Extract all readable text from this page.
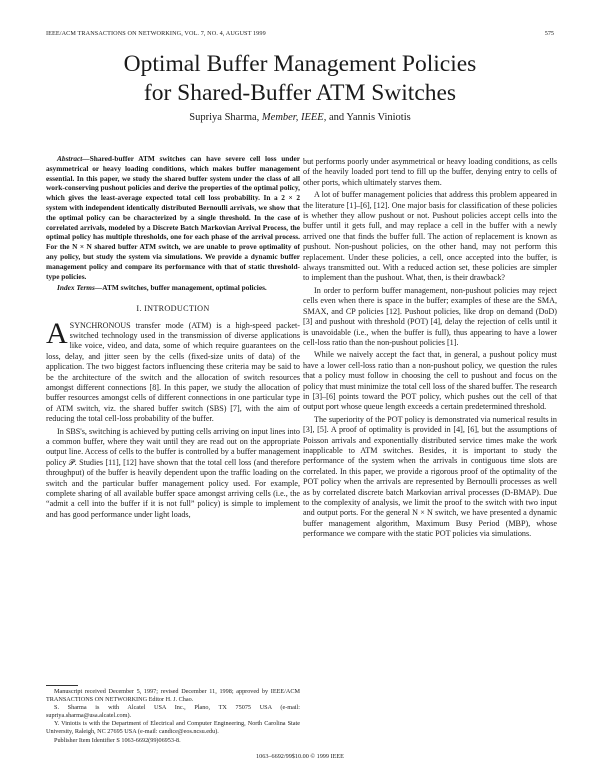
IEEE/ACM TRANSACTIONS ON NETWORKING, VOL. 7, NO. 4, AUGUST 1999	575
Optimal Buffer Management Policies
for Shared-Buffer ATM Switches
Supriya Sharma, Member, IEEE, and Yannis Viniotis

Abstract—Shared-buffer ATM switches can have severe cell loss under asymmetrical or heavy loading conditions, which makes buffer management essential. In this paper, we study the shared buffer system under the class of all work-conserving pushout policies and derive the properties of the optimal policy, which gives the least-average expected total cell loss probability. In a 2 × 2 system with independent identically distributed Bernoulli arrivals, we show that the optimal policy can be characterized by a single threshold. In the case of correlated arrivals, modeled by a Discrete Batch Markovian Arrival Process, the optimal policy has multiple thresholds, one for each phase of the arrival process. For the N × N shared buffer ATM switch, we are unable to prove optimality of any policy, but study the system via simulations. We provide a dynamic buffer management policy and compare its performance with that of static threshold-type policies.

Index Terms—ATM switches, buffer management, optimal policies.

I. INTRODUCTION

ASYNCHRONOUS transfer mode (ATM) is a high-speed packet-switched technology used in the transmission of diverse applications like voice, video, and data, some of which require guarantees on the loss, delay, and jitter seen by the cells (fixed-size units of data) of the application. The two biggest factors influencing these criteria may be said to be the architecture of the switch and the allocation of switch resources amongst different connections [8]. In this paper, we study the allocation of buffer resources amongst cells of different connections in one particular type of ATM switch, viz. the shared buffer switch (SBS) [7], with the aim of reducing the total cell-loss probability of the buffer.

In SBS's, switching is achieved by putting cells arriving on input lines into a common buffer, where they wait until they are read out on the appropriate output line. Access of cells to the buffer is controlled by a buffer management policy 𝒫. Studies [11], [12] have shown that the total cell loss (and therefore throughput) of the buffer is heavily dependent upon the traffic loading on the switch and the particular buffer management policy used. For example, complete sharing of all available buffer space amongst arriving cells (i.e., the “admit a cell into the buffer if it is not full” policy) is simple to implement and has good performance under light loads,

but performs poorly under asymmetrical or heavy loading conditions, as cells of the heavily loaded port tend to fill up the buffer, denying entry to cells of other ports, which ultimately starves them.

A lot of buffer management policies that address this problem appeared in the literature [1]–[6], [12]. One major basis for classification of these policies is whether they allow pushout or not. Pushout policies accept cells into the buffer until it gets full, and may replace a cell in the buffer with a newly arrived one that finds the buffer full. The action of replacement is known as pushout. Non-pushout policies, on the other hand, may not perform this replacement. Under these policies, a cell, once accepted into the buffer, is always transmitted out. With a reduced action set, these policies are simpler to implement than the pushout. What, then, is their drawback?

In order to perform buffer management, non-pushout policies may reject cells even when there is space in the buffer; examples of these are the SMA, SMAX, and CP policies [12]. Pushout policies, like drop on demand (DoD) [3] and pushout with threshold (POT) [4], delay the rejection of cells until it is unavoidable (i.e., when the buffer is full), thus appearing to have a lower cell-loss ratio than the non-pushout policies [1].

While we naively accept the fact that, in general, a pushout policy must have a lower cell-loss ratio than a non-pushout policy, we question the rules that a policy must follow in choosing the cell to pushout and focus on the policy that must minimize the total cell loss of the shared buffer. The research in [3]–[6] points toward the POT policy, which pushes out the cell of that output port whose queue length exceeds a certain predetermined threshold.

The superiority of the POT policy is demonstrated via numerical results in [3], [5]. A proof of optimality is provided in [4], [6], but the assumptions of Poisson arrivals and exponentially distributed service times make the work inapplicable to ATM switches. Besides, it is important to study the performance of the system when the arrivals in contiguous time slots are correlated. In this paper, we provide a rigorous proof of the optimality of the POT policy when the arrivals are represented by Bernoulli processes as well as by correlated discrete batch Markovian arrival processes (D-BMAP). Due to the complexity of analysis, we limit the proof to the switch with two input and output ports. For the general N × N switch, we have presented a dynamic buffer management algorithm, Maximum Busy Period (MBP), whose performance we compare with the static POT policies via simulations.

Manuscript received December 5, 1997; revised December 11, 1998; approved by IEEE/ACM TRANSACTIONS ON NETWORKING Editor H. J. Chao.

S. Sharma is with Alcatel USA Inc., Plano, TX 75075 USA (e-mail: supriya.sharma@usa.alcatel.com).

Y. Viniotis is with the Department of Electrical and Computer Engineering, North Carolina State University, Raleigh, NC 27695 USA (e-mail: candice@eos.ncsu.edu).

Publisher Item Identifier S 1063-6692(99)06953-8.

1063–6692/99$10.00 © 1999 IEEE
